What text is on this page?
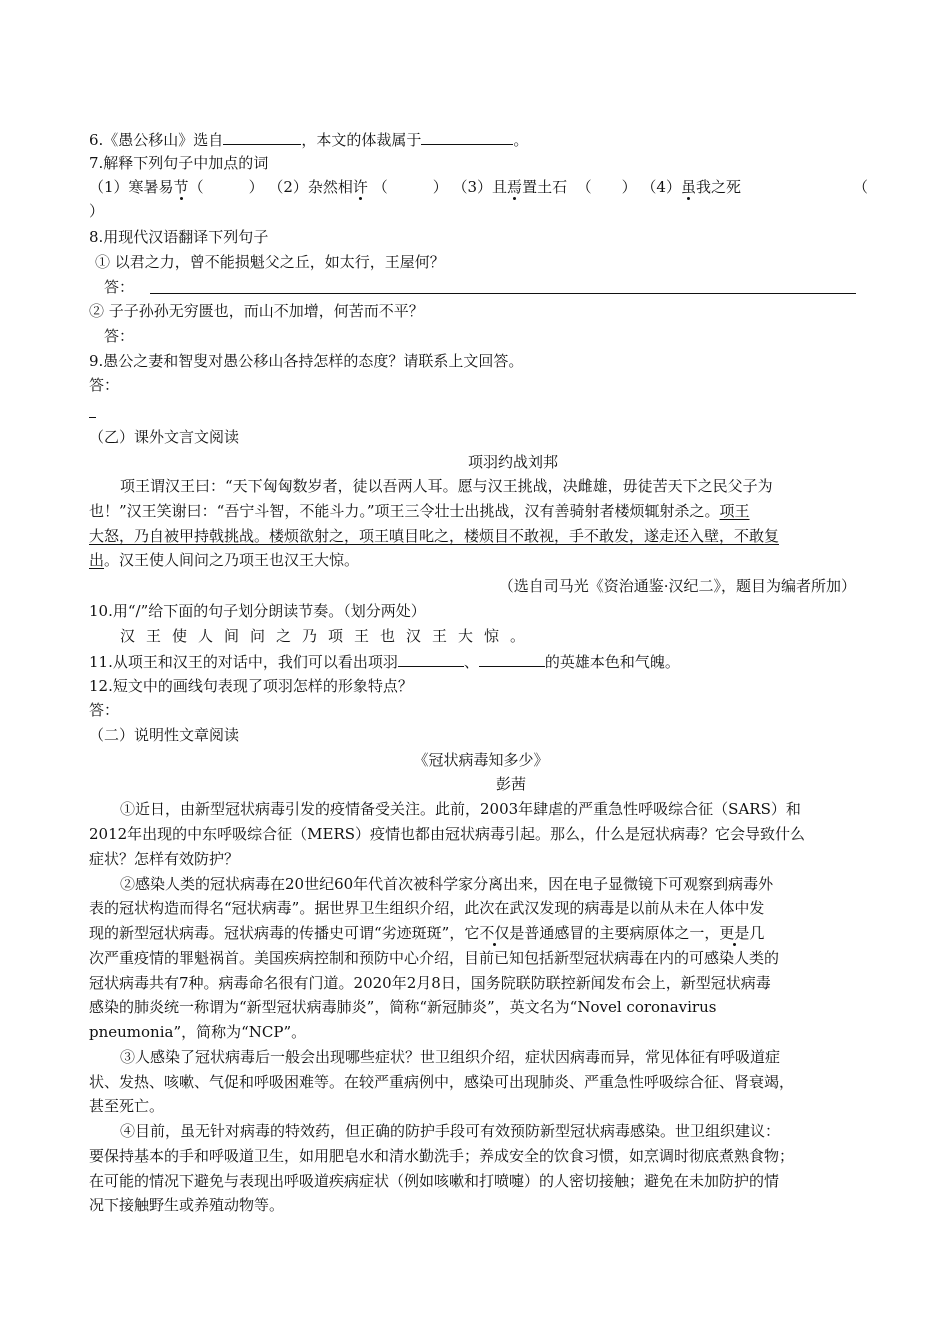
6.《愚公移山》选自	，本文的体裁属于	。
7.解释下列句子中加点的词
（1）寒暑易节（　　　） （2）杂然相许 （　　　） （3）且焉置土石 （　　） （4）虽我之死	（
）
8.用现代汉语翻译下列句子
① 以君之力，曾不能损魁父之丘，如太行，王屋何？
答：
② 子子孙孙无穷匮也，而山不加增，何苦而不平？
答：
9.愚公之妻和智叟对愚公移山各持怎样的态度？请联系上文回答。
答：
（乙）课外文言文阅读
项羽约战刘邦
项王谓汉王曰：“天下匈匈数岁者，徒以吾两人耳。愿与汉王挑战，决雌雄，毋徒苦天下之民父子为
也！”汉王笑谢曰：“吾宁斗智，不能斗力。”项王三令壮士出挑战，汉有善骑射者楼烦辄射杀之。项王
大怒，乃自被甲持戟挑战。楼烦欲射之，项王嗔目叱之，楼烦目不敢视，手不敢发，遂走还入壁，不敢复
出。汉王使人间问之乃项王也汉王大惊。
（选自司马光《资治通鉴·汉纪二》，题目为编者所加）
10.用“/”给下面的句子划分朗读节奏。（划分两处）
汉王使人间问之乃项王也汉王大惊。
11.从项王和汉王的对话中，我们可以看出项羽	、	的英雄本色和气魄。
12.短文中的画线句表现了项羽怎样的形象特点？
答：
（二）说明性文章阅读
《冠状病毒知多少》
彭茜
①近日，由新型冠状病毒引发的疫情备受关注。此前，2003年肆虐的严重急性呼吸综合征（SARS）和
2012年出现的中东呼吸综合征（MERS）疫情也都由冠状病毒引起。那么，什么是冠状病毒？它会导致什么
症状？怎样有效防护？
②感染人类的冠状病毒在20世纪60年代首次被科学家分离出来，因在电子显微镜下可观察到病毒外
表的冠状构造而得名“冠状病毒”。据世界卫生组织介绍，此次在武汉发现的病毒是以前从未在人体中发
现的新型冠状病毒。冠状病毒的传播史可谓“劣迹斑斑”，它不仅是普通感冒的主要病原体之一，更是几
次严重疫情的罪魁祸首。美国疾病控制和预防中心介绍，目前已知包括新型冠状病毒在内的可感染人类的
冠状病毒共有7种。病毒命名很有门道。2020年2月8日，国务院联防联控新闻发布会上，新型冠状病毒
感染的肺炎统一称谓为“新型冠状病毒肺炎”，简称“新冠肺炎”，英文名为“Novel coronavirus
pneumonia”，简称为“NCP”。
③人感染了冠状病毒后一般会出现哪些症状？世卫组织介绍，症状因病毒而异，常见体征有呼吸道症
状、发热、咳嗽、气促和呼吸困难等。在较严重病例中，感染可出现肺炎、严重急性呼吸综合征、肾衰竭，
甚至死亡。
④目前，虽无针对病毒的特效药，但正确的防护手段可有效预防新型冠状病毒感染。世卫组织建议：
要保持基本的手和呼吸道卫生，如用肥皂水和清水勤洗手；养成安全的饮食习惯，如烹调时彻底煮熟食物；
在可能的情况下避免与表现出呼吸道疾病症状（例如咳嗽和打喷嚏）的人密切接触；避免在未加防护的情
况下接触野生或养殖动物等。
